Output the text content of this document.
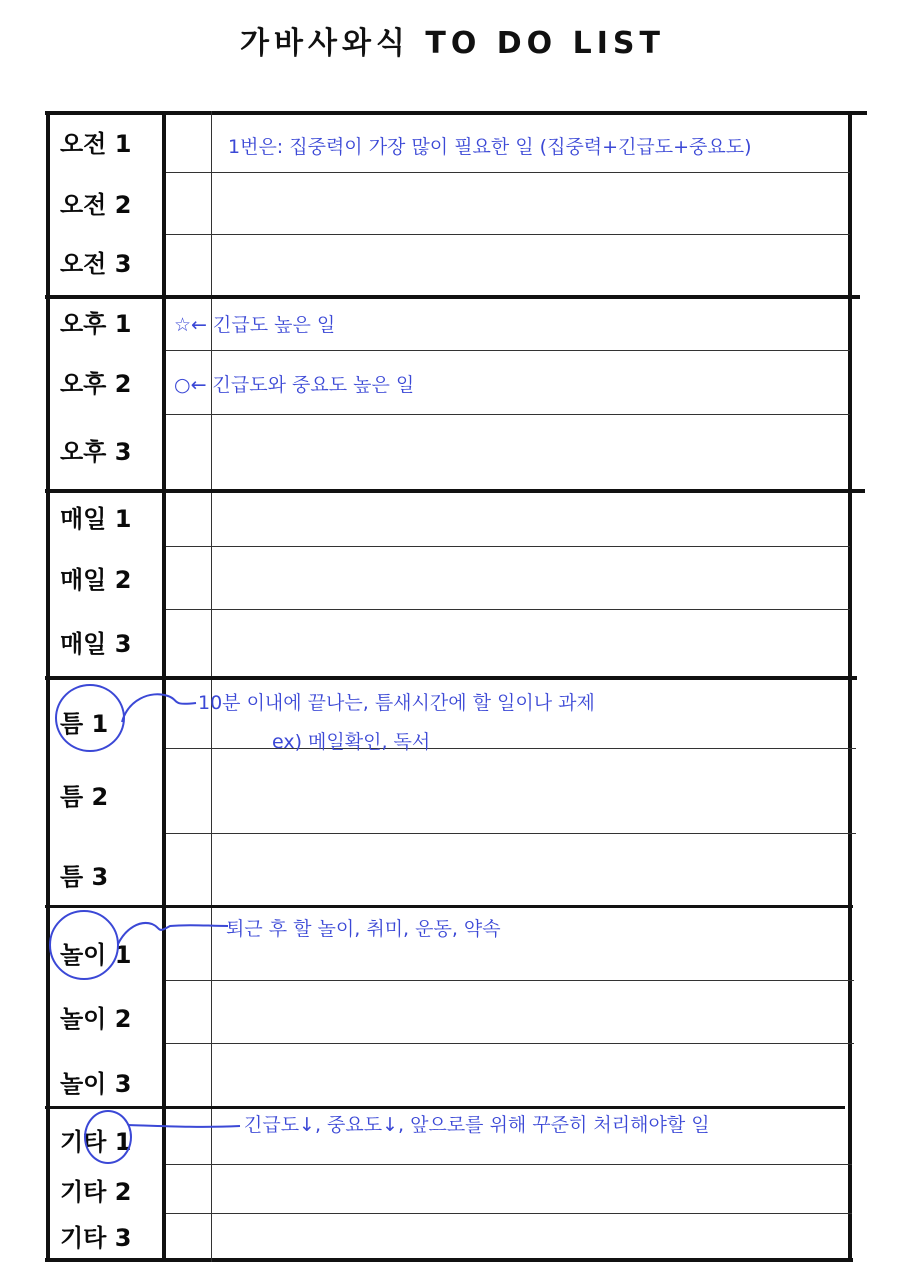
가바사와식 TO DO LIST
오전 1
오전 2
오전 3
오후 1
오후 2
오후 3
매일 1
매일 2
매일 3
틈 1
틈 2
틈 3
놀이 1
놀이 2
놀이 3
기타 1
기타 2
기타 3
1번은: 집중력이 가장 많이 필요한 일 (집중력+긴급도+중요도)
☆← 긴급도 높은 일
○← 긴급도와 중요도 높은 일
10분 이내에 끝나는, 틈새시간에 할 일이나 과제
ex) 메일확인, 독서
퇴근 후 할 놀이, 취미, 운동, 약속
긴급도↓, 중요도↓, 앞으로를 위해 꾸준히 처리해야할 일
